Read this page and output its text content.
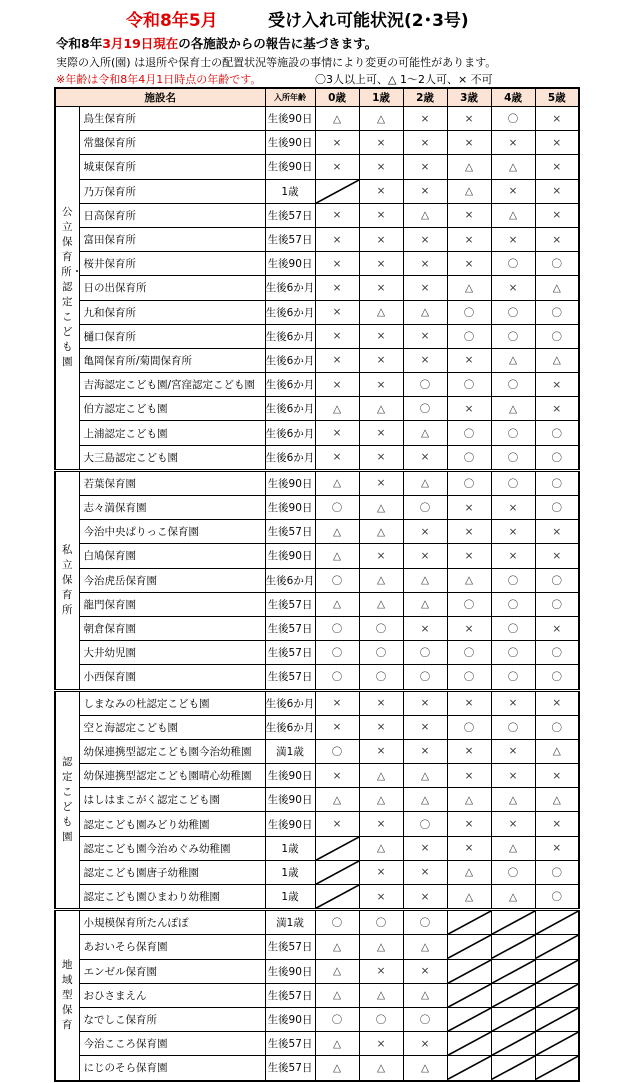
令和8年5月	受け入れ可能状況(2･3号)
令和8年3月19日現在の各施設からの報告に基づきます。
実際の入所(園) は退所や保育士の配置状況等施設の事情により変更の可能性があります。
※年齢は令和8年4月1日時点の年齢です。	〇3人以上可、△ 1～2人可、× 不可
施設名		入所年齢	0歳	1歳	2歳	3歳	4歳	5歳
公立保育所・認定こども園	鳥生保育所	生後90日	△	△	×	×	〇	×
	常盤保育所	生後90日	×	×	×	×	×	×
	城東保育所	生後90日	×	×	×	△	△	×
	乃万保育所	1歳		×	×	△	×	×
	日高保育所	生後57日	×	×	△	×	△	×
	富田保育所	生後57日	×	×	×	×	×	×
	桜井保育所	生後90日	×	×	×	×	〇	〇
	日の出保育所	生後6か月	×	×	×	△	×	△
	九和保育所	生後6か月	×	△	△	〇	〇	〇
	樋口保育所	生後6か月	×	×	×	〇	〇	〇
	亀岡保育所/菊間保育所	生後6か月	×	×	×	×	△	△
	吉海認定こども園/宮窪認定こども園	生後6か月	×	×	〇	〇	〇	×
	伯方認定こども園	生後6か月	△	△	〇	×	△	×
	上浦認定こども園	生後6か月	×	×	△	〇	〇	〇
	大三島認定こども園	生後6か月	×	×	×	〇	〇	〇
私立保育所	若葉保育園	生後90日	△	×	△	〇	〇	〇
	志々満保育園	生後90日	〇	△	〇	×	×	〇
	今治中央ぱりっこ保育園	生後57日	△	△	×	×	×	×
	白鳩保育園	生後90日	△	×	×	×	×	×
	今治虎岳保育園	生後6か月	〇	△	△	△	〇	〇
	龍門保育園	生後57日	△	△	△	〇	〇	〇
	朝倉保育園	生後57日	〇	〇	×	×	〇	×
	大井幼児園	生後57日	〇	〇	〇	〇	〇	〇
	小西保育園	生後57日	〇	〇	〇	〇	〇	〇
認定こども園	しまなみの杜認定こども園	生後6か月	×	×	×	×	×	×
	空と海認定こども園	生後6か月	×	×	×	〇	〇	〇
	幼保連携型認定こども園今治幼稚園	満1歳	〇	×	×	×	×	△
	幼保連携型認定こども園晴心幼稚園	生後90日	×	△	△	×	×	×
	はしはまこがく認定こども園	生後90日	△	△	△	△	△	△
	認定こども園みどり幼稚園	生後90日	×	×	〇	×	×	×
	認定こども園今治めぐみ幼稚園	1歳		△	×	×	△	×
	認定こども園唐子幼稚園	1歳		×	×	△	〇	〇
	認定こども園ひまわり幼稚園	1歳		×	×	△	△	〇
地域型保育	小規模保育所たんぽぽ	満1歳	〇	〇	〇	

	あおいそら保育園	生後57日	△	△	△	

	エンゼル保育園	生後90日	△	×	×	

	おひさまえん	生後57日	△	△	△	

	なでしこ保育所	生後90日	〇	〇	〇	

	今治こころ保育園	生後57日	△	×	×	

	にじのそら保育園	生後57日	△	△	△	
